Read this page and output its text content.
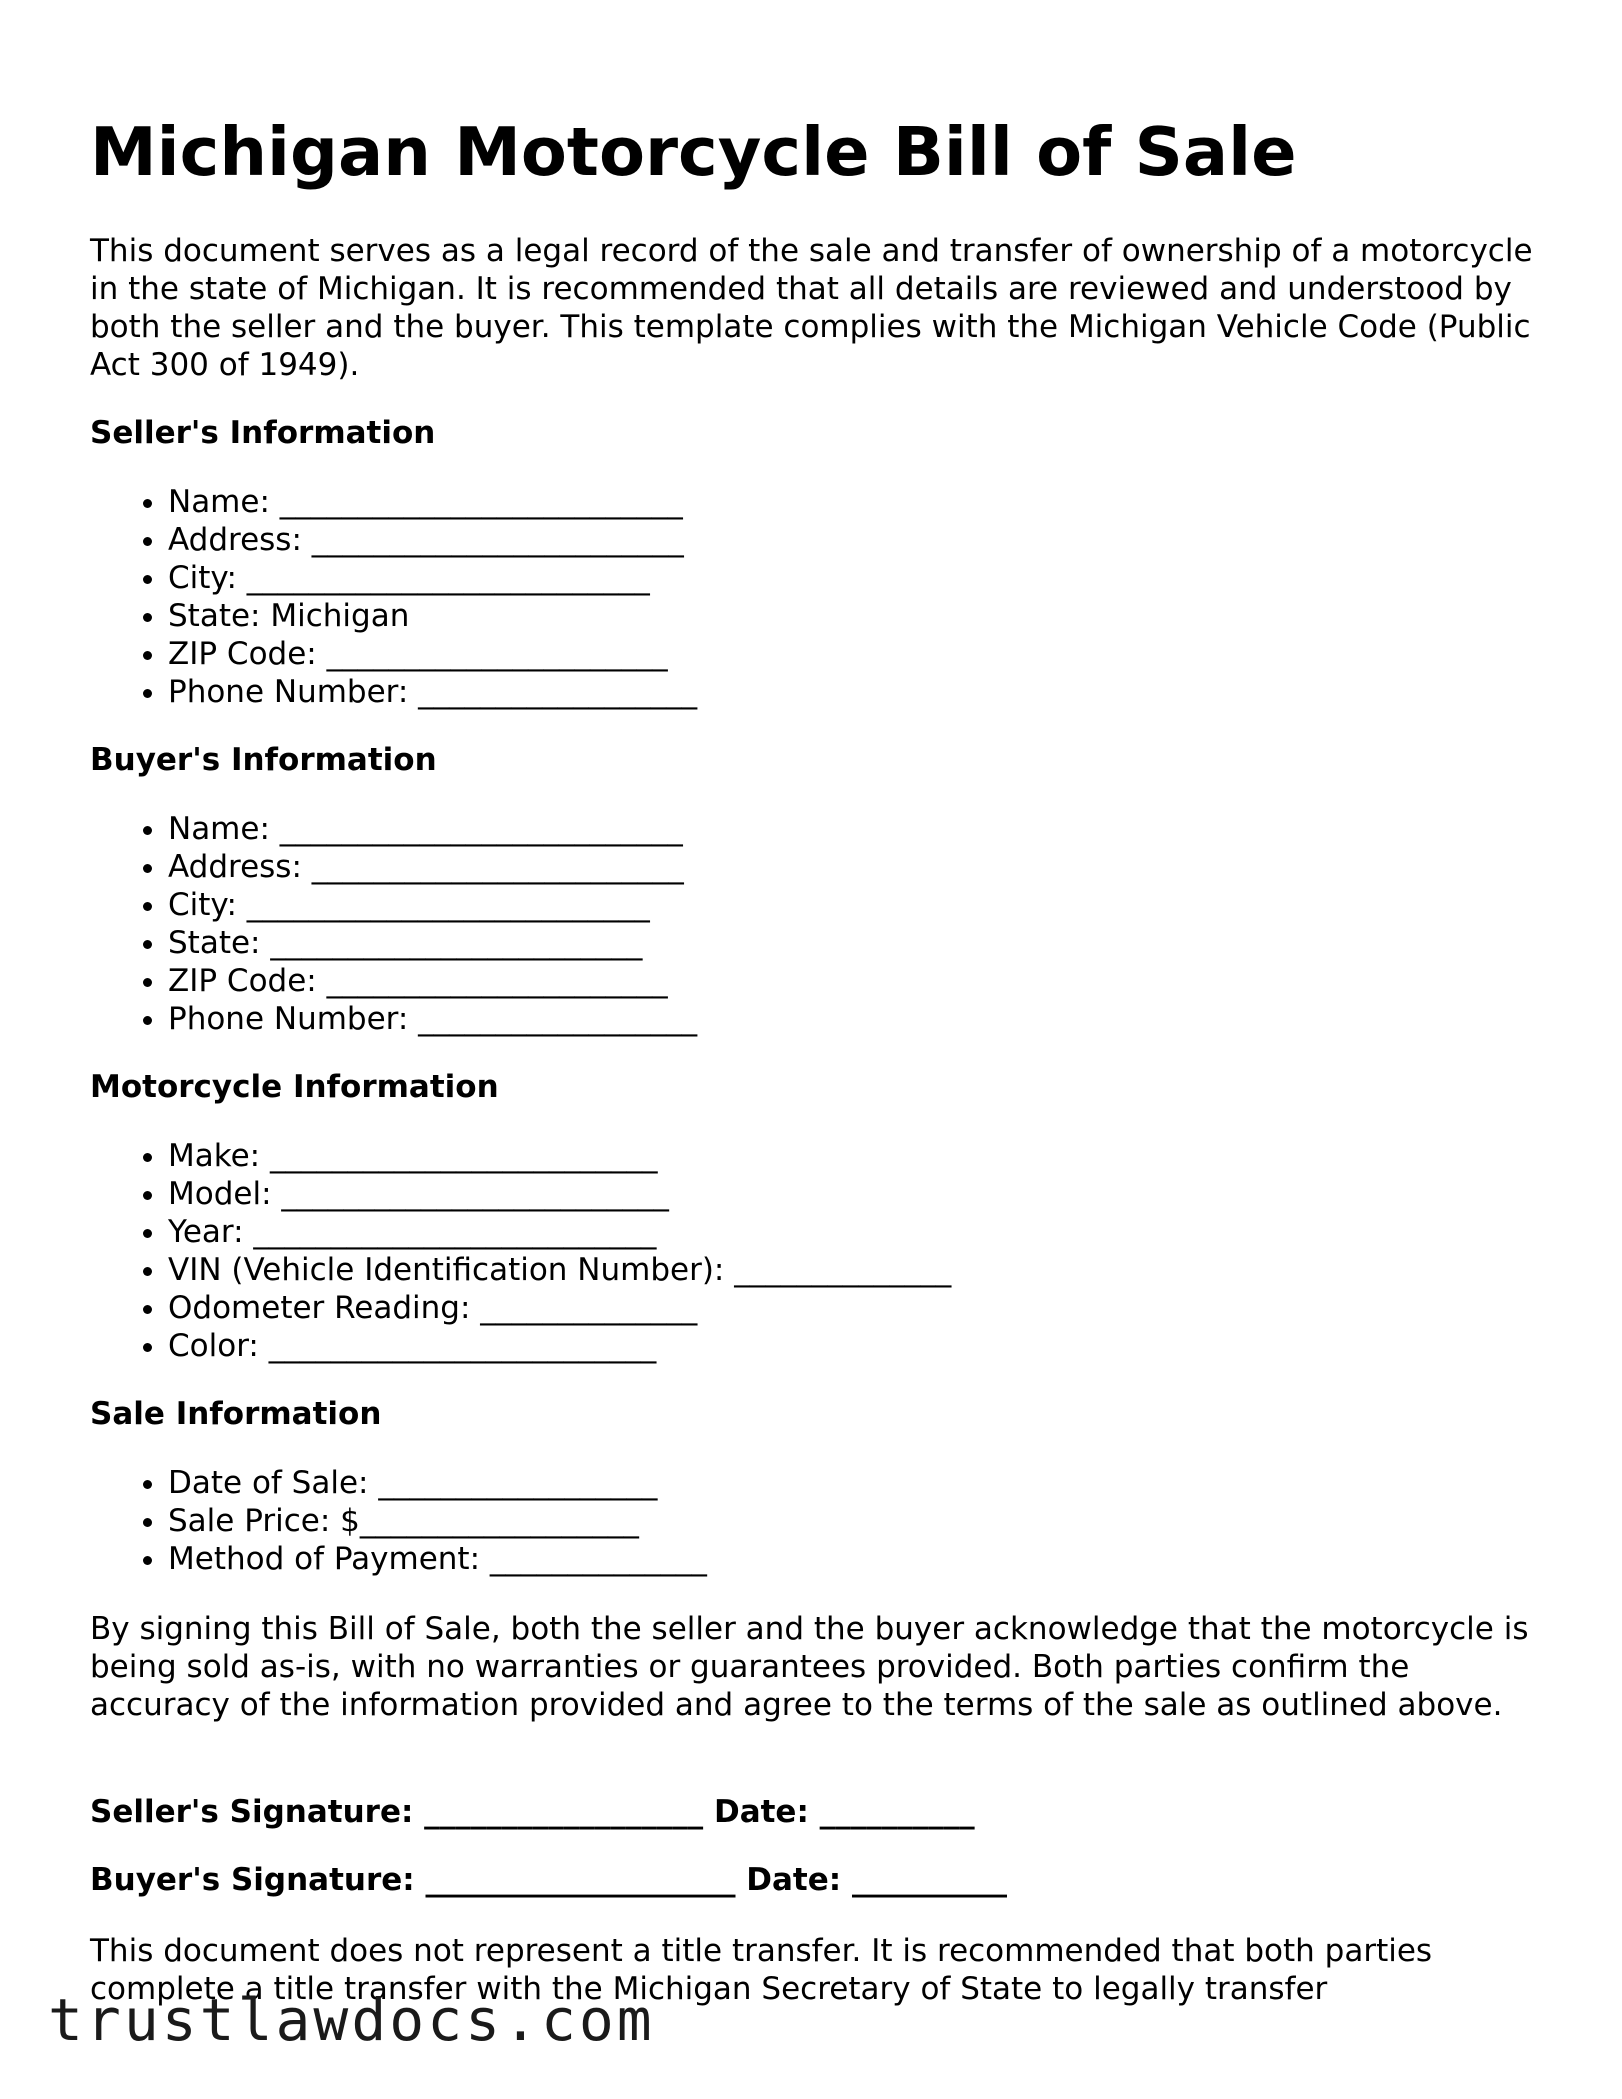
Michigan Motorcycle Bill of Sale

This document serves as a legal record of the sale and transfer of ownership of a motorcycle in the state of Michigan. It is recommended that all details are reviewed and understood by both the seller and the buyer. This template complies with the Michigan Vehicle Code (Public Act 300 of 1949).

Seller's Information
• Name: __________________________
• Address: ________________________
• City: __________________________
• State: Michigan
• ZIP Code: ______________________
• Phone Number: __________________
Buyer's Information
• Name: __________________________
• Address: ________________________
• City: __________________________
• State: ________________________
• ZIP Code: ______________________
• Phone Number: __________________
Motorcycle Information
• Make: _________________________
• Model: _________________________
• Year: __________________________
• VIN (Vehicle Identification Number): ______________
• Odometer Reading: ______________
• Color: _________________________
Sale Information
• Date of Sale: __________________
• Sale Price: $__________________
• Method of Payment: ______________

By signing this Bill of Sale, both the seller and the buyer acknowledge that the motorcycle is being sold as-is, with no warranties or guarantees provided. Both parties confirm the accuracy of the information provided and agree to the terms of the sale as outlined above.

Seller's Signature: __________________ Date: __________

Buyer's Signature: ____________________ Date: __________

This document does not represent a title transfer. It is recommended that both parties complete a title transfer with the Michigan Secretary of State to legally transfer

trustlawdocs.com
